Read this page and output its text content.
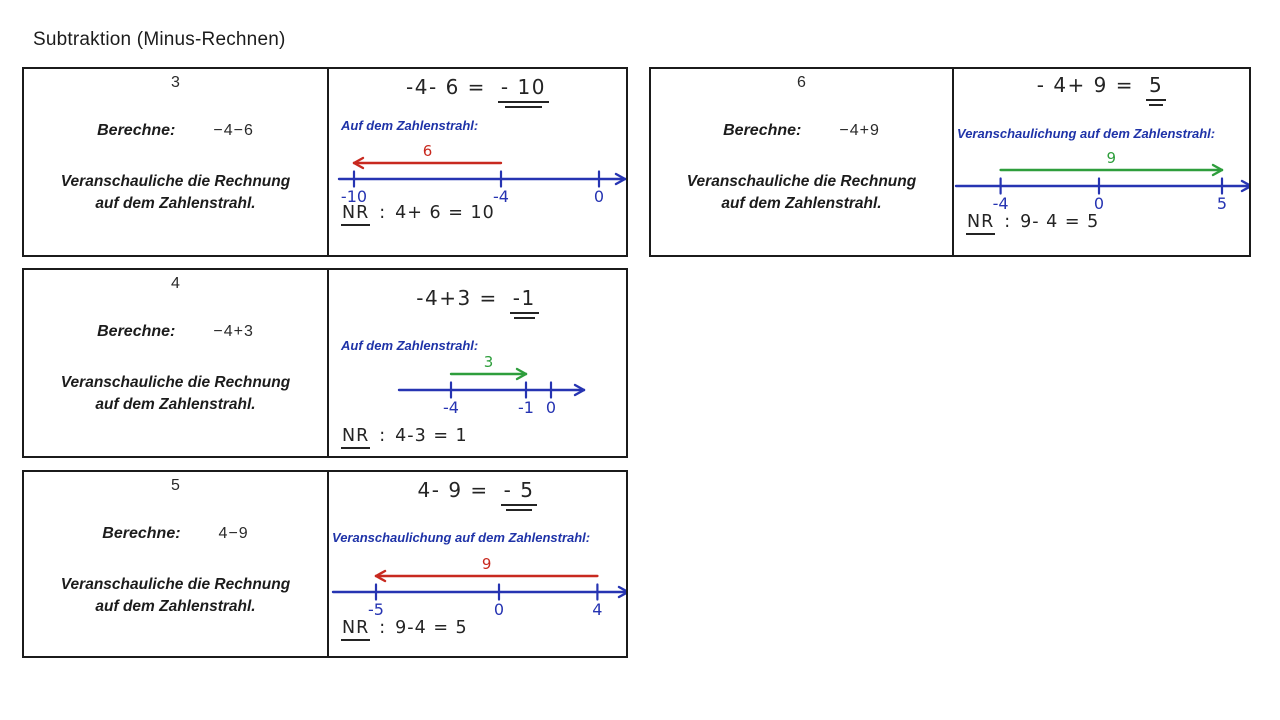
Subtraktion (Minus-Rechnen)
3
Berechne: −4−6
Veranschauliche die Rechnung
auf dem Zahlenstrahl.
-4- 6 = - 10
Auf dem Zahlenstrahl:
-10	-4	0
6
NR : 4+ 6 = 10
4
Berechne: −4+3
Veranschauliche die Rechnung
auf dem Zahlenstrahl.
-4+3 = -1
Auf dem Zahlenstrahl:
-4	-1 0
3
NR : 4-3 = 1
5
Berechne: 4−9
Veranschauliche die Rechnung
auf dem Zahlenstrahl.
4- 9 = - 5
Veranschaulichung auf dem Zahlenstrahl:
-5	0	4
9
NR : 9-4 = 5
6
Berechne: −4+9
Veranschauliche die Rechnung
auf dem Zahlenstrahl.
- 4+ 9 = 5
Veranschaulichung auf dem Zahlenstrahl:
-4	0	5
9
NR : 9- 4 = 5
